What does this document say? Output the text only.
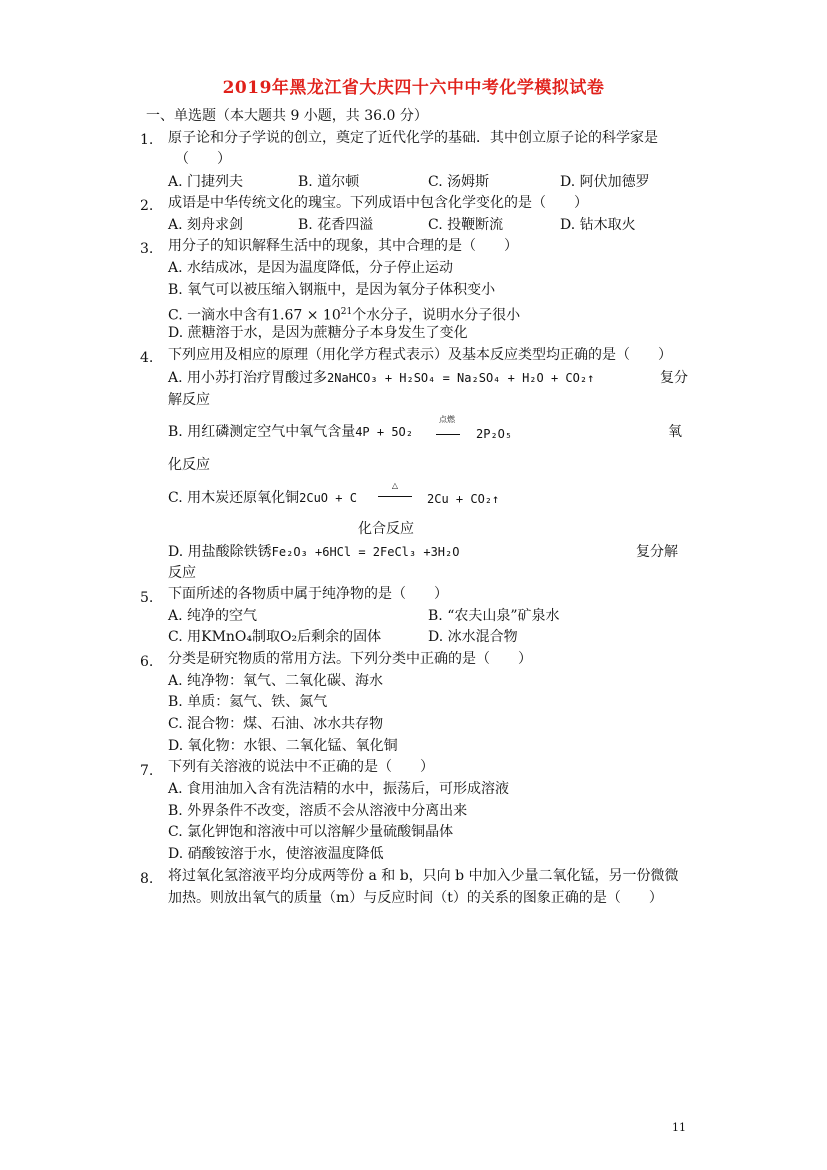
2019年黑龙江省大庆四十六中中考化学模拟试卷
一、单选题（本大题共 9 小题，共 36.0 分）
1. 原子论和分子学说的创立，奠定了近代化学的基础．其中创立原子论的科学家是
（　　）
A. 门捷列夫	B. 道尔顿	C. 汤姆斯	D. 阿伏加德罗
2. 成语是中华传统文化的瑰宝。下列成语中包含化学变化的是（　　）
A. 刻舟求剑	B. 花香四溢	C. 投鞭断流	D. 钻木取火
3. 用分子的知识解释生活中的现象，其中合理的是（　　）
A. 水结成冰，是因为温度降低，分子停止运动
B. 氧气可以被压缩入钢瓶中，是因为氧分子体积变小
C. 一滴水中含有$1.67 \times 10^{21}$个水分子，说明水分子很小
D. 蔗糖溶于水，是因为蔗糖分子本身发生了变化
4. 下列应用及相应的原理（用化学方程式表示）及基本反应类型均正确的是（　　）
A. 用小苏打治疗胃酸过多2NaHCO₃ + H₂SO₄ = Na₂SO₄ + H₂O + CO₂↑	复分
解反应
B. 用红磷测定空气中氧气含量4P + 5O₂
点燃
2P₂O₅	氧
化反应
C. 用木炭还原氧化铜2CuO + C
△
2Cu + CO₂↑
化合反应
D. 用盐酸除铁锈Fe₂O₃ +6HCl = 2FeCl₃ +3H₂O	复分解
反应
5. 下面所述的各物质中属于纯净物的是（　　）
A. 纯净的空气	B. “农夫山泉”矿泉水
C. 用KMnO₄制取O₂后剩余的固体	D. 冰水混合物
6. 分类是研究物质的常用方法。下列分类中正确的是（　　）
A. 纯净物：氧气、二氧化碳、海水
B. 单质：氦气、铁、氮气
C. 混合物：煤、石油、冰水共存物
D. 氧化物：水银、二氧化锰、氧化铜
7. 下列有关溶液的说法中不正确的是（　　）
A. 食用油加入含有洗洁精的水中，振荡后，可形成溶液
B. 外界条件不改变，溶质不会从溶液中分离出来
C. 氯化钾饱和溶液中可以溶解少量硫酸铜晶体
D. 硝酸铵溶于水，使溶液温度降低
8. 将过氧化氢溶液平均分成两等份 a 和 b，只向 b 中加入少量二氧化锰，另一份微微
加热。则放出氧气的质量（m）与反应时间（t）的关系的图象正确的是（　　）
11
